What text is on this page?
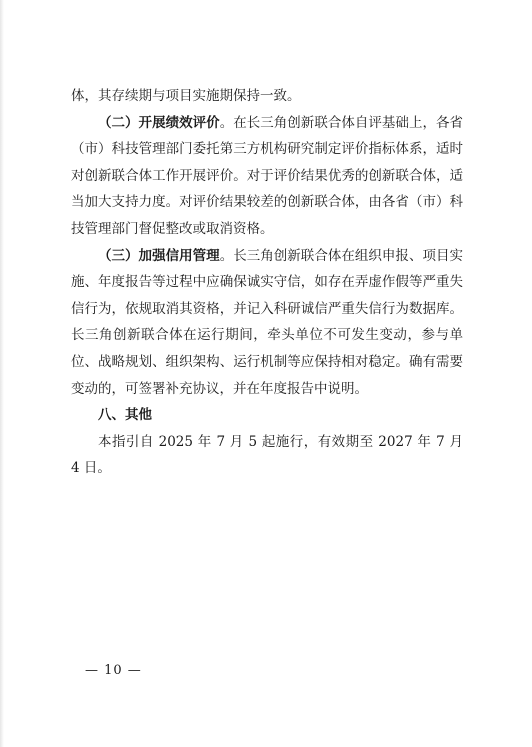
体，其存续期与项目实施期保持一致。

（二）开展绩效评价。在长三角创新联合体自评基础上，各省（市）科技管理部门委托第三方机构研究制定评价指标体系，适时对创新联合体工作开展评价。对于评价结果优秀的创新联合体，适当加大支持力度。对评价结果较差的创新联合体，由各省（市）科技管理部门督促整改或取消资格。

（三）加强信用管理。长三角创新联合体在组织申报、项目实施、年度报告等过程中应确保诚实守信，如存在弄虚作假等严重失信行为，依规取消其资格，并记入科研诚信严重失信行为数据库。长三角创新联合体在运行期间，牵头单位不可发生变动，参与单位、战略规划、组织架构、运行机制等应保持相对稳定。确有需要变动的，可签署补充协议，并在年度报告中说明。

八、其他

本指引自 2025 年 7 月 5 起施行，有效期至 2027 年 7 月 4 日。

— 10 —
